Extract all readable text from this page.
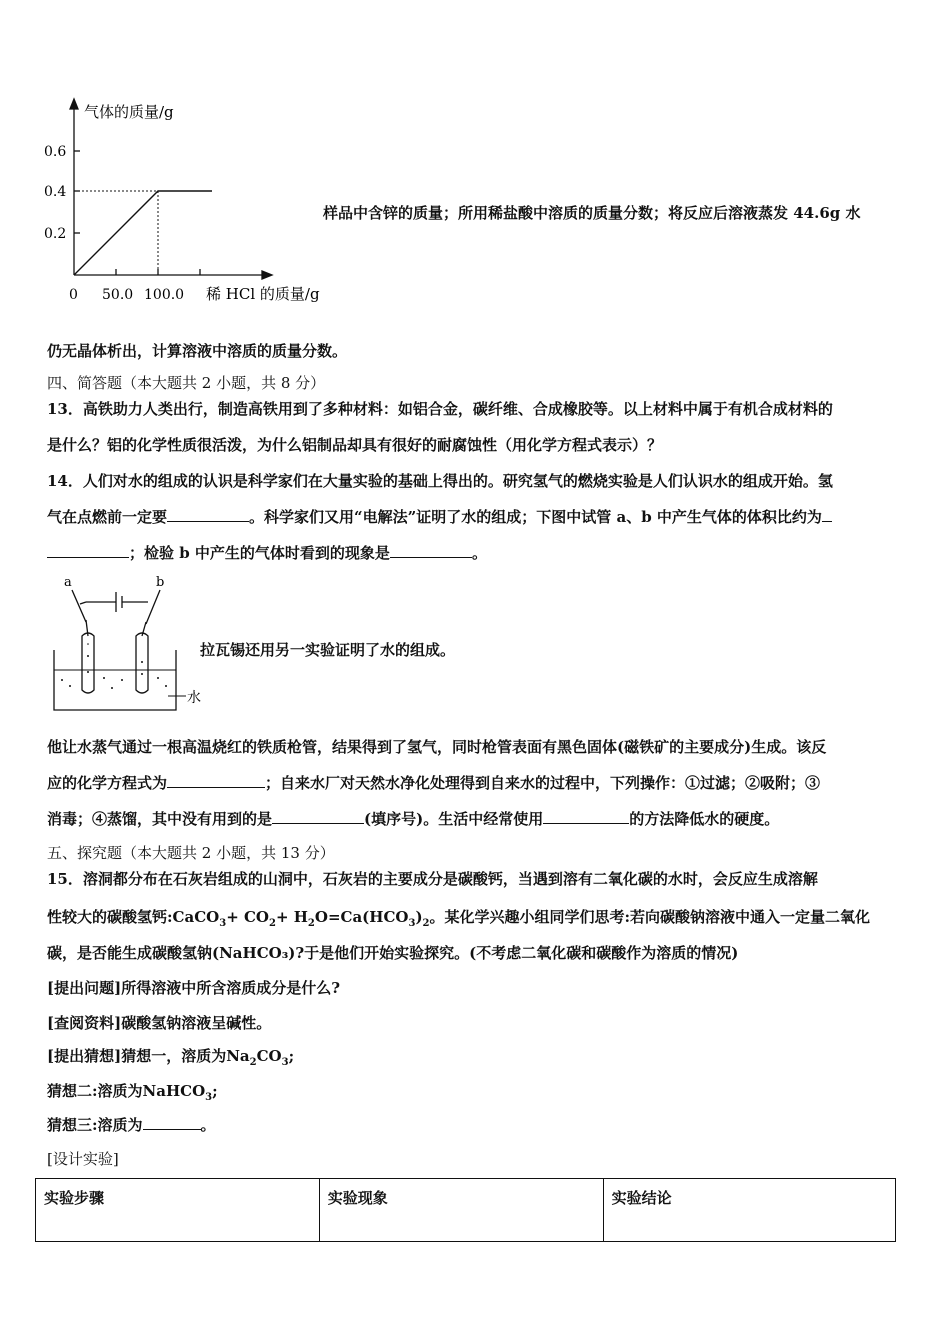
气体的质量/g
0.6
0.4
0.2
0 50.0 100.0 稀 HCl 的质量/g
样品中含锌的质量；所用稀盐酸中溶质的质量分数；将反应后溶液蒸发 44.6g 水
仍无晶体析出，计算溶液中溶质的质量分数。
四、简答题（本大题共 2 小题，共 8 分）
13．高铁助力人类出行，制造高铁用到了多种材料：如铝合金，碳纤维、合成橡胶等。以上材料中属于有机合成材料的
是什么？铝的化学性质很活泼，为什么铝制品却具有很好的耐腐蚀性（用化学方程式表示）？
14．人们对水的组成的认识是科学家们在大量实验的基础上得出的。研究氢气的燃烧实验是人们认识水的组成开始。氢
气在点燃前一定要	。科学家们又用“电解法”证明了水的组成；下图中试管 a、b 中产生气体的体积比约为
；检验 b 中产生的气体时看到的现象是	。
a	b
水
拉瓦锡还用另一实验证明了水的组成。
他让水蒸气通过一根高温烧红的铁质枪管，结果得到了氢气，同时枪管表面有黑色固体(磁铁矿的主要成分)生成。该反
应的化学方程式为	；自来水厂对天然水净化处理得到自来水的过程中，下列操作：①过滤；②吸附；③
消毒；④蒸馏，其中没有用到的是	(填序号)。生活中经常使用	的方法降低水的硬度。
五、探究题（本大题共 2 小题，共 13 分）
15．溶洞都分布在石灰岩组成的山洞中，石灰岩的主要成分是碳酸钙，当遇到溶有二氧化碳的水时，会反应生成溶解
性较大的碳酸氢钙:CaCO$_3$+ $CO_2+ H_2O=Ca(HCO_3)_2$。某化学兴趣小组同学们思考:若向碳酸钠溶液中通入一定量二氧化
碳，是否能生成碳酸氢钠(NaHCO₃)?于是他们开始实验探究。(不考虑二氧化碳和碳酸作为溶质的情况)
[提出问题]所得溶液中所含溶质成分是什么?
[查阅资料]碳酸氢钠溶液呈碱性。
[提出猜想]猜想一，溶质为$Na_2CO_3$;
猜想二:溶质为NaHCO$_3$;
猜想三:溶质为	。
[设计实验]
实验步骤	实验现象	实验结论
